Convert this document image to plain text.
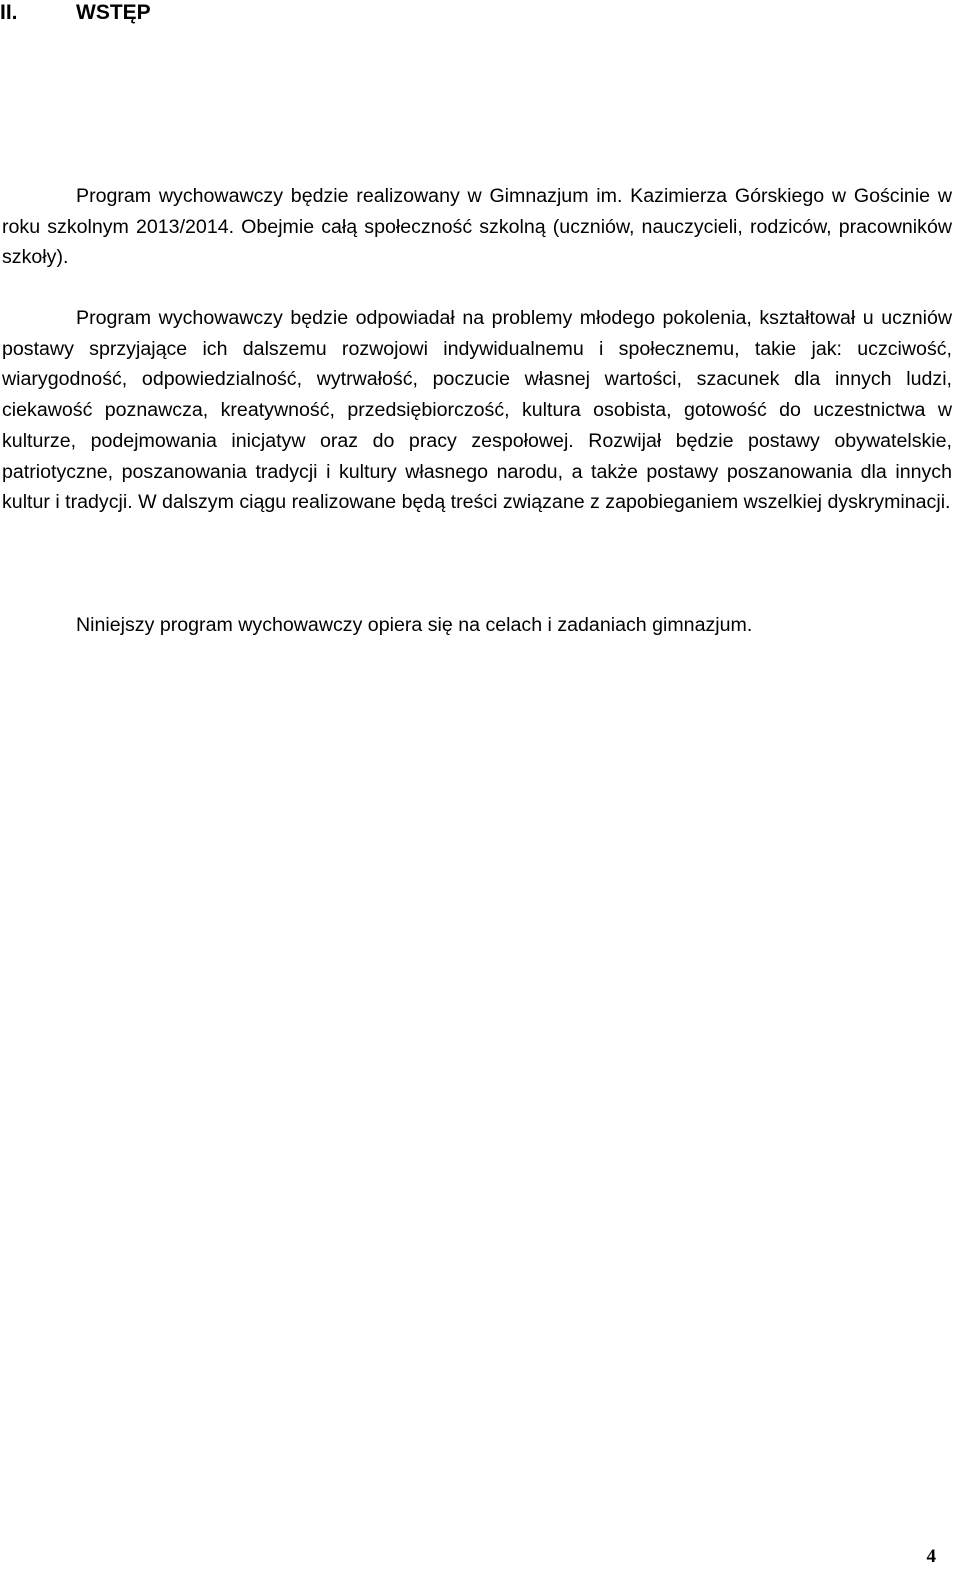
II.	WSTĘP

Program wychowawczy będzie realizowany w Gimnazjum im. Kazimierza Górskiego w Gościnie w roku szkolnym 2013/2014. Obejmie całą społeczność szkolną (uczniów, nauczycieli, rodziców, pracowników szkoły).

Program wychowawczy będzie odpowiadał na problemy młodego pokolenia, kształtował u uczniów postawy sprzyjające ich dalszemu rozwojowi indywidualnemu i społecznemu, takie jak: uczciwość, wiarygodność, odpowiedzialność, wytrwałość, poczucie własnej wartości, szacunek dla innych ludzi, ciekawość poznawcza, kreatywność, przedsiębiorczość, kultura osobista, gotowość do uczestnictwa w kulturze, podejmowania inicjatyw oraz do pracy zespołowej. Rozwijał będzie postawy obywatelskie, patriotyczne, poszanowania tradycji i kultury własnego narodu, a także postawy poszanowania dla innych kultur i tradycji. W dalszym ciągu realizowane będą treści związane z zapobieganiem wszelkiej dyskryminacji.

Niniejszy program wychowawczy opiera się na celach i zadaniach gimnazjum.

4
